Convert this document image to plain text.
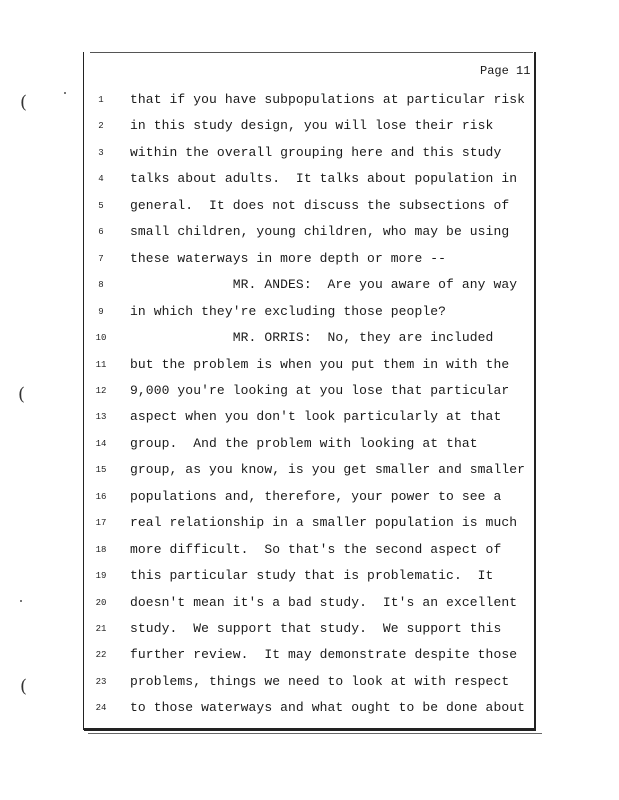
(
(
(
Page 11
1	that if you have subpopulations at particular risk
2	in this study design, you will lose their risk
3	within the overall grouping here and this study
4	talks about adults.  It talks about population in
5	general.  It does not discuss the subsections of
6	small children, young children, who may be using
7	these waterways in more depth or more --
8	MR. ANDES:  Are you aware of any way
9	in which they're excluding those people?
10 MR. ORRIS:  No, they are included
11 but the problem is when you put them in with the
12 9,000 you're looking at you lose that particular
13 aspect when you don't look particularly at that
14 group.  And the problem with looking at that
15 group, as you know, is you get smaller and smaller
16 populations and, therefore, your power to see a
17 real relationship in a smaller population is much
18 more difficult.  So that's the second aspect of
19 this particular study that is problematic.  It
20 doesn't mean it's a bad study.  It's an excellent
21 study.  We support that study.  We support this
22 further review.  It may demonstrate despite those
23 problems, things we need to look at with respect
24 to those waterways and what ought to be done about
